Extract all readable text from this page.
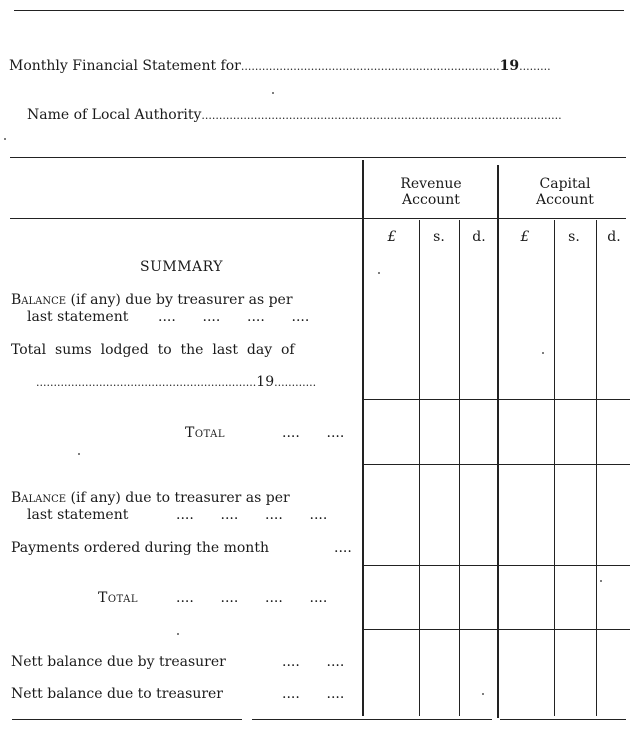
Monthly Financial Statement for..........................................................................19.........
Name of Local Authority.......................................................................................................
Revenue
Account
Capital
Account
£	s.	d.	£	s.	d.
SUMMARY
Balance (if any) due by treasurer as per
last statement ....      ....      ....      ....
Total  sums  lodged  to  the  last  day  of
...............................................................19............
Total	....      ....
Balance (if any) due to treasurer as per
last statement	....      ....      ....      ....
Payments ordered during the month	....
Total	....      ....      ....      ....
Nett balance due by treasurer	....      ....
Nett balance due to treasurer	....      ....
